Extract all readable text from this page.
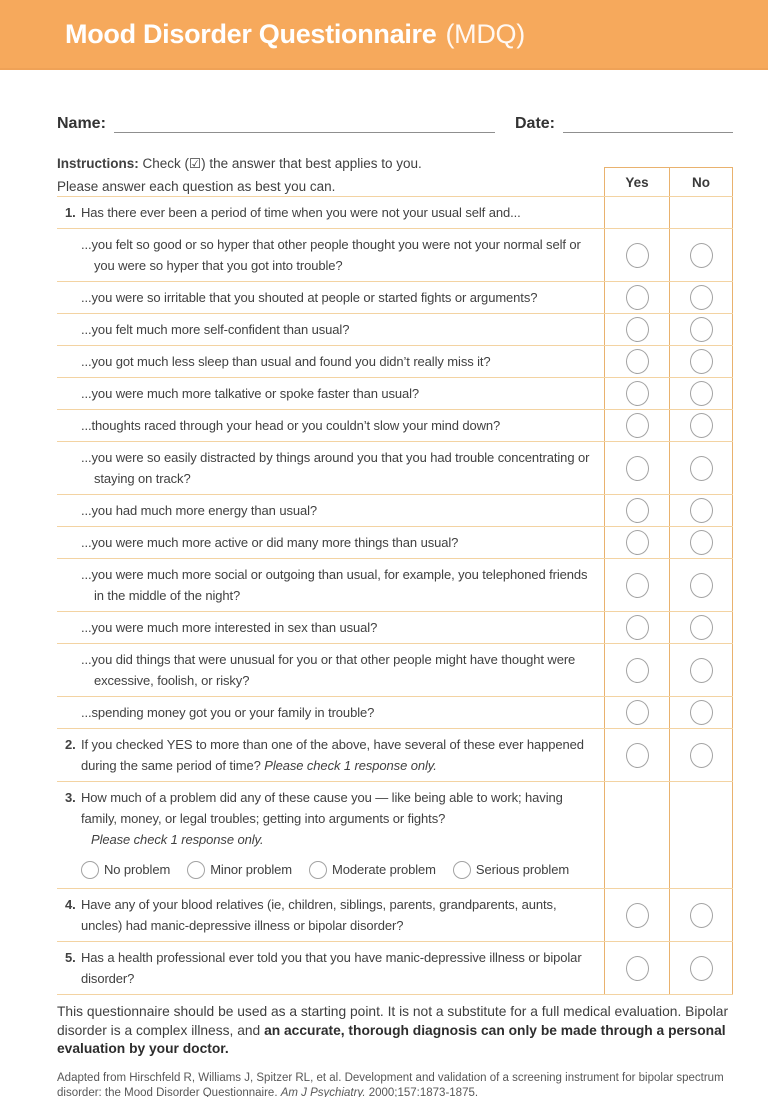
Mood Disorder Questionnaire (MDQ)
Name:	Date:

Instructions: Check (☑) the answer that best applies to you.

Please answer each question as best you can.	Yes	No
1. Has there ever been a period of time when you were not your usual self and...
...you felt so good or so hyper that other people thought you were not your normal self or you were so hyper that you got into trouble?
...you were so irritable that you shouted at people or started fights or arguments?
...you felt much more self-confident than usual?
...you got much less sleep than usual and found you didn’t really miss it?
...you were much more talkative or spoke faster than usual?
...thoughts raced through your head or you couldn’t slow your mind down?
...you were so easily distracted by things around you that you had trouble concentrating or staying on track?
...you had much more energy than usual?
...you were much more active or did many more things than usual?
...you were much more social or outgoing than usual, for example, you telephoned friends in the middle of the night?
...you were much more interested in sex than usual?
...you did things that were unusual for you or that other people might have thought were excessive, foolish, or risky?
...spending money got you or your family in trouble?
2. If you checked YES to more than one of the above, have several of these ever happened during the same period of time? Please check 1 response only.
3. How much of a problem did any of these cause you — like being able to work; having family, money, or legal troubles; getting into arguments or fights?
Please check 1 response only.
No problem	Minor problem	Moderate problem	Serious problem
4. Have any of your blood relatives (ie, children, siblings, parents, grandparents, aunts, uncles) had manic-depressive illness or bipolar disorder?
5. Has a health professional ever told you that you have manic-depressive illness or bipolar disorder?

This questionnaire should be used as a starting point. It is not a substitute for a full medical evaluation. Bipolar disorder is a complex illness, and an accurate, thorough diagnosis can only be made through a personal evaluation by your doctor.

Adapted from Hirschfeld R, Williams J, Spitzer RL, et al. Development and validation of a screening instrument for bipolar spectrum disorder: the Mood Disorder Questionnaire. Am J Psychiatry. 2000;157:1873-1875.
